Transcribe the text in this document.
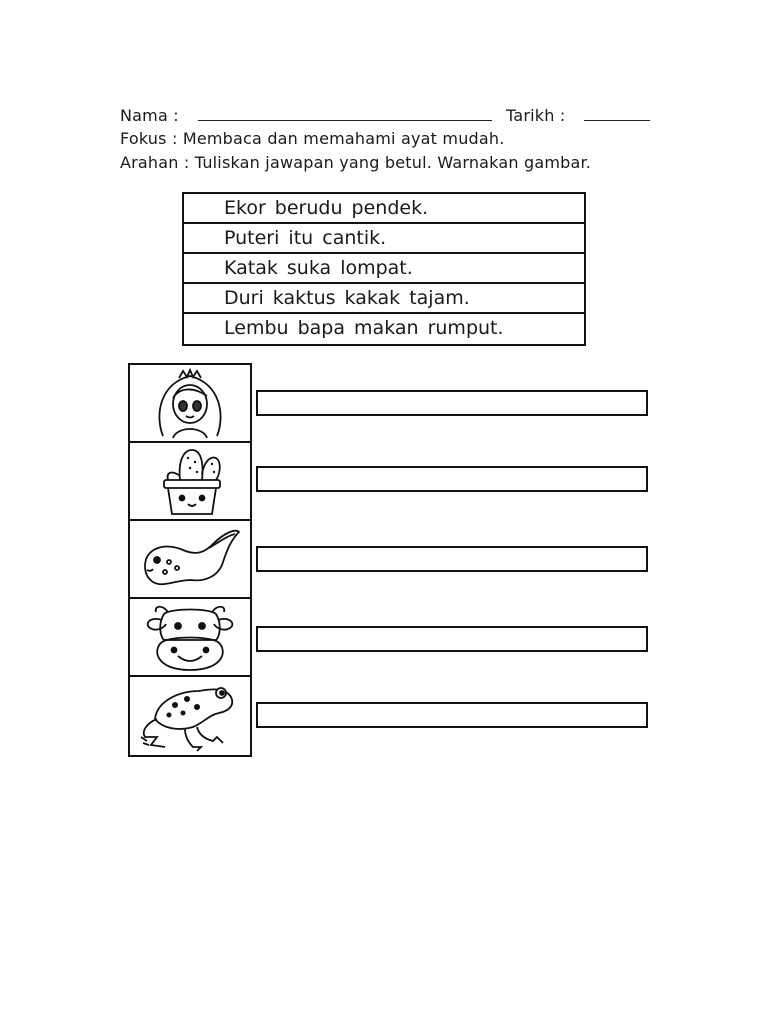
Nama :	Tarikh :
Fokus : Membaca dan memahami ayat mudah.
Arahan : Tuliskan jawapan yang betul. Warnakan gambar.
Ekor berudu pendek.
Puteri itu cantik.
Katak suka lompat.
Duri kaktus kakak tajam.
Lembu bapa makan rumput.
